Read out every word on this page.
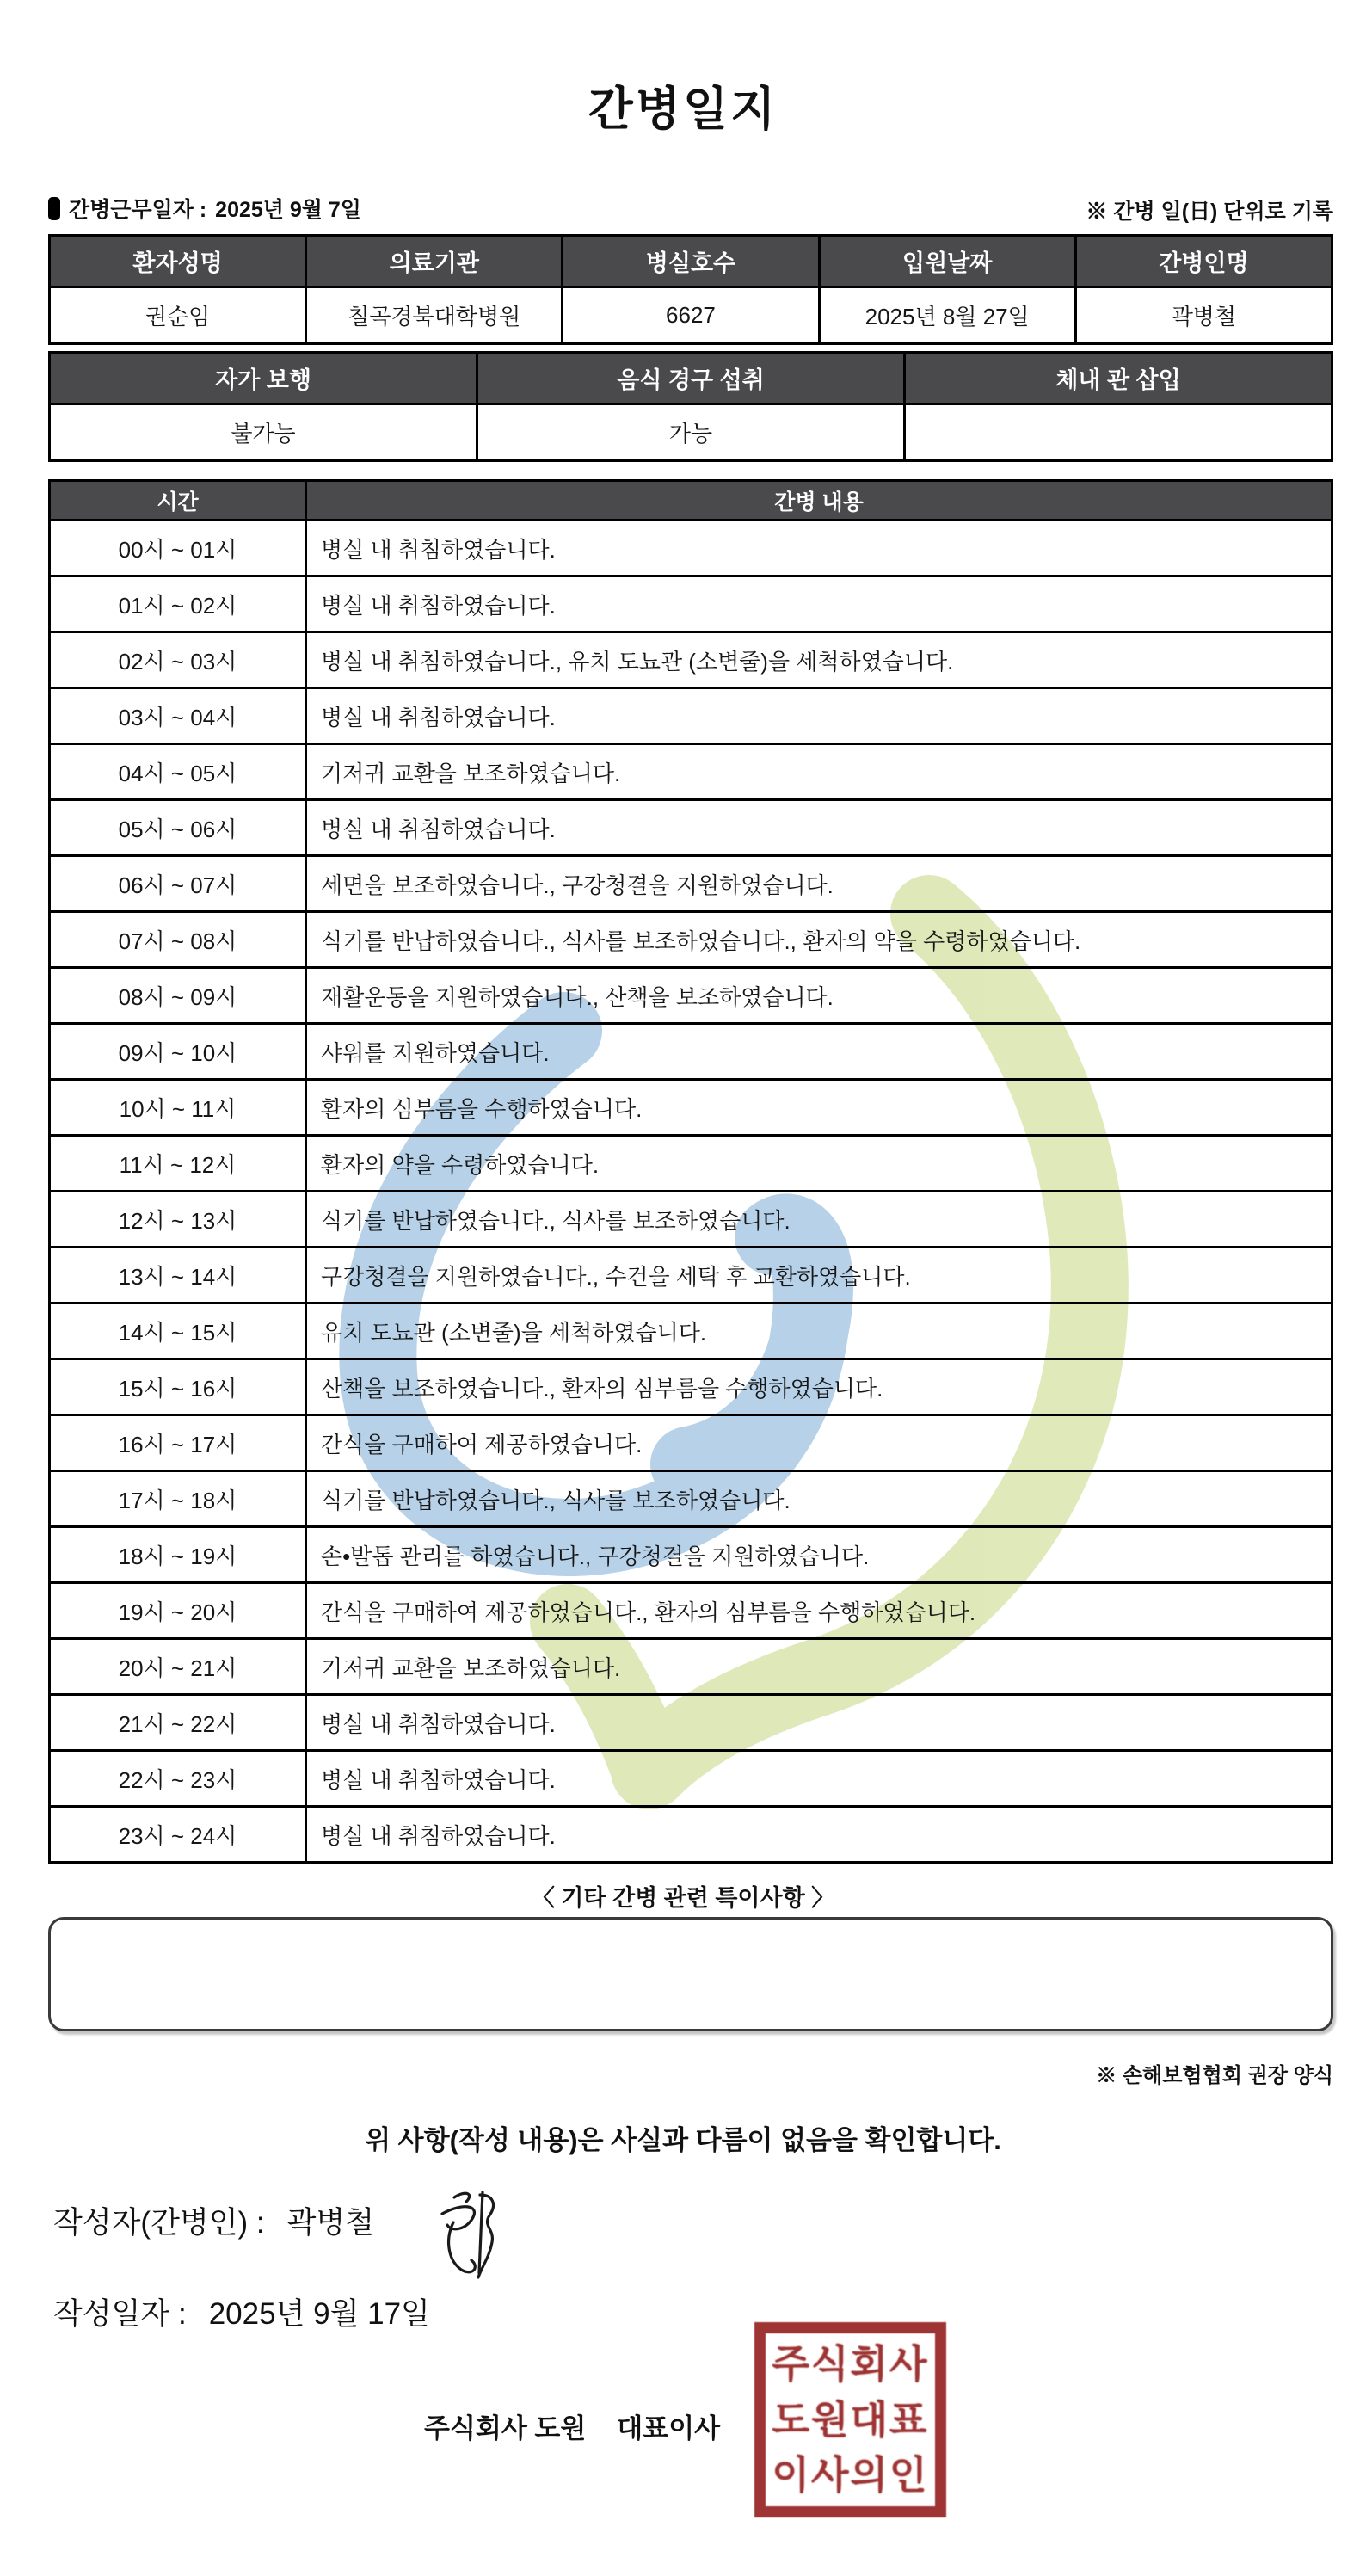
간병일지
간병근무일자 : 2025년 9월 7일	※ 간병 일(日) 단위로 기록
환자성명	의료기관	병실호수	입원날짜	간병인명
권순임	칠곡경북대학병원	6627	2025년 8월 27일	곽병철
자가 보행	음식 경구 섭취	체내 관 삽입
불가능	가능	
시간	간병 내용
00시 ~ 01시	병실 내 취침하였습니다.
01시 ~ 02시	병실 내 취침하였습니다.
02시 ~ 03시	병실 내 취침하였습니다., 유치 도뇨관 (소변줄)을 세척하였습니다.
03시 ~ 04시	병실 내 취침하였습니다.
04시 ~ 05시	기저귀 교환을 보조하였습니다.
05시 ~ 06시	병실 내 취침하였습니다.
06시 ~ 07시	세면을 보조하였습니다., 구강청결을 지원하였습니다.
07시 ~ 08시	식기를 반납하였습니다., 식사를 보조하였습니다., 환자의 약을 수령하였습니다.
08시 ~ 09시	재활운동을 지원하였습니다., 산책을 보조하였습니다.
09시 ~ 10시	샤워를 지원하였습니다.
10시 ~ 11시	환자의 심부름을 수행하였습니다.
11시 ~ 12시	환자의 약을 수령하였습니다.
12시 ~ 13시	식기를 반납하였습니다., 식사를 보조하였습니다.
13시 ~ 14시	구강청결을 지원하였습니다., 수건을 세탁 후 교환하였습니다.
14시 ~ 15시	유치 도뇨관 (소변줄)을 세척하였습니다.
15시 ~ 16시	산책을 보조하였습니다., 환자의 심부름을 수행하였습니다.
16시 ~ 17시	간식을 구매하여 제공하였습니다.
17시 ~ 18시	식기를 반납하였습니다., 식사를 보조하였습니다.
18시 ~ 19시	손•발톱 관리를 하였습니다., 구강청결을 지원하였습니다.
19시 ~ 20시	간식을 구매하여 제공하였습니다., 환자의 심부름을 수행하였습니다.
20시 ~ 21시	기저귀 교환을 보조하였습니다.
21시 ~ 22시	병실 내 취침하였습니다.
22시 ~ 23시	병실 내 취침하였습니다.
23시 ~ 24시	병실 내 취침하였습니다.
〈 기타 간병 관련 특이사항 〉
※ 손해보험협회 권장 양식
위 사항(작성 내용)은 사실과 다름이 없음을 확인합니다.
작성자(간병인) : 곽병철
작성일자 : 2025년 9월 17일
주식회사 도원 대표이사
주식회사
도원대표
이사의인
